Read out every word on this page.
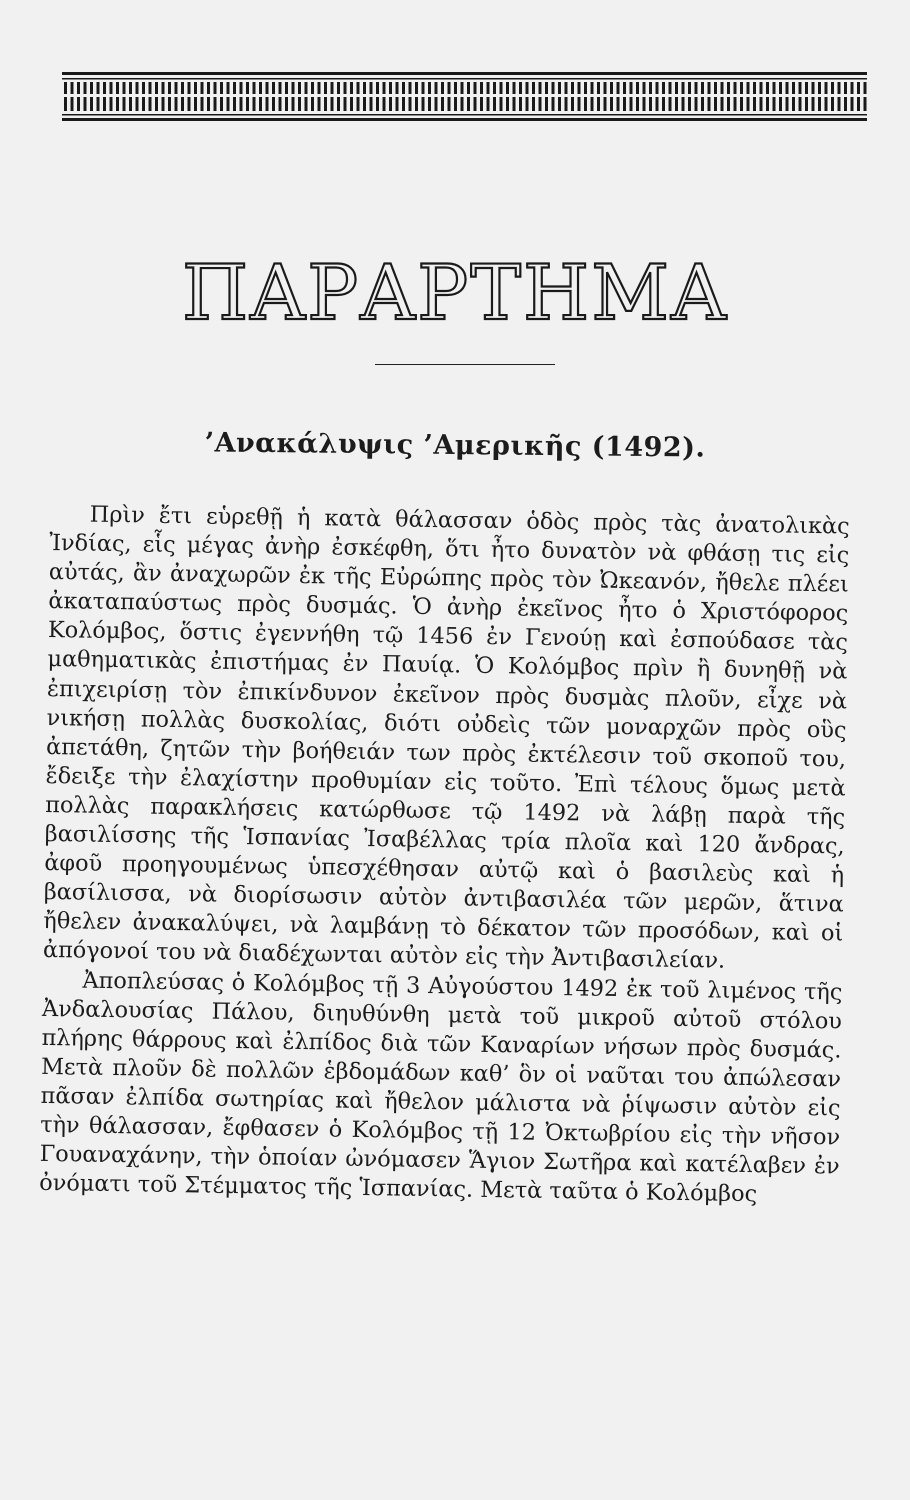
ΠΑΡΑΡΤΗΜΑ
’Ανακάλυψις ’Αμερικῆς (1492).

Πρὶν ἔτι εὑρεθῇ ἡ κατὰ θάλασσαν ὁδὸς πρὸς τὰς ἀνατολικὰς Ἰνδίας, εἷς μέγας ἀνὴρ ἐσκέφθη, ὅτι ἦτο δυνατὸν νὰ φθάσῃ τις εἰς αὐτάς, ἂν ἀναχωρῶν ἐκ τῆς Εὐρώπης πρὸς τὸν Ὠκεανόν, ἤθελε πλέει ἀκαταπαύστως πρὸς δυσμάς. Ὁ ἀνὴρ ἐκεῖνος ἦτο ὁ Χριστόφορος Κολόμβος, ὅστις ἐγεννήθη τῷ 1456 ἐν Γενούῃ καὶ ἐσπούδασε τὰς μαθηματικὰς ἐπιστήμας ἐν Παυίᾳ. Ὁ Κολόμβος πρὶν ἢ δυνηθῇ νὰ ἐπιχειρίσῃ τὸν ἐπικίνδυνον ἐκεῖνον πρὸς δυσμὰς πλοῦν, εἶχε νὰ νικήσῃ πολλὰς δυσκολίας, διότι οὐδεὶς τῶν μοναρχῶν πρὸς οὓς ἀπετάθη, ζητῶν τὴν βοήθειάν των πρὸς ἐκτέλεσιν τοῦ σκοποῦ του, ἔδειξε τὴν ἐλαχίστην προθυμίαν εἰς τοῦτο. Ἐπὶ τέλους ὅμως μετὰ πολλὰς παρακλήσεις κατώρθωσε τῷ 1492 νὰ λάβῃ παρὰ τῆς βασιλίσσης τῆς Ἱσπανίας Ἰσαβέλλας τρία πλοῖα καὶ 120 ἄνδρας, ἀφοῦ προηγουμένως ὑπεσχέθησαν αὐτῷ καὶ ὁ βασιλεὺς καὶ ἡ βασίλισσα, νὰ διορίσωσιν αὐτὸν ἀντιβασιλέα τῶν μερῶν, ἅτινα ἤθελεν ἀνακαλύψει, νὰ λαμβάνῃ τὸ δέκατον τῶν προσόδων, καὶ οἱ ἀπόγονοί του νὰ διαδέχωνται αὐτὸν εἰς τὴν Ἀντιβασιλείαν.

Ἀποπλεύσας ὁ Κολόμβος τῇ 3 Αὐγούστου 1492 ἐκ τοῦ λιμένος τῆς Ἀνδαλουσίας Πάλου, διηυθύνθη μετὰ τοῦ μικροῦ αὐτοῦ στόλου πλήρης θάρρους καὶ ἐλπίδος διὰ τῶν Καναρίων νήσων πρὸς δυσμάς. Μετὰ πλοῦν δὲ πολλῶν ἑβδομάδων καθ’ ὃν οἱ ναῦται του ἀπώλεσαν πᾶσαν ἐλπίδα σωτηρίας καὶ ἤθελον μάλιστα νὰ ῥίψωσιν αὐτὸν εἰς τὴν θάλασσαν, ἔφθασεν ὁ Κολόμβος τῇ 12 Ὀκτωβρίου εἰς τὴν νῆσον Γουαναχάνην, τὴν ὁποίαν ὠνόμασεν Ἅγιον Σωτῆρα καὶ κατέλαβεν ἐν ὀνόματι τοῦ Στέμματος τῆς Ἱσπανίας. Μετὰ ταῦτα ὁ Κολόμβος
